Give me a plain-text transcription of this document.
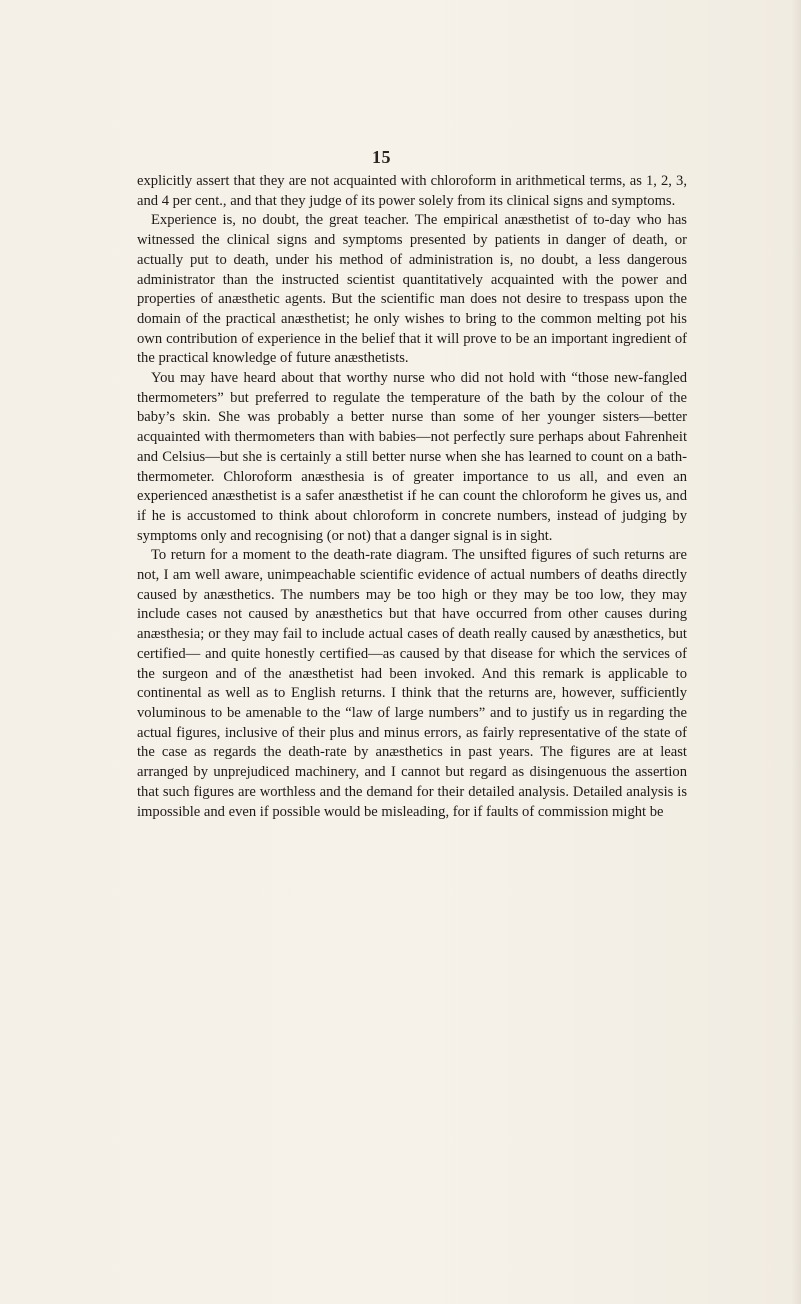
15

explicitly assert that they are not acquainted with chloroform in arithmetical terms, as 1, 2, 3, and 4 per cent., and that they judge of its power solely from its clinical signs and symptoms.

Experience is, no doubt, the great teacher. The empirical anæsthetist of to-day who has witnessed the clinical signs and symptoms presented by patients in danger of death, or actually put to death, under his method of administration is, no doubt, a less dangerous administrator than the instructed scientist quantitatively acquainted with the power and properties of anæsthetic agents. But the scientific man does not desire to trespass upon the domain of the practical anæsthetist; he only wishes to bring to the common melting pot his own contribution of experience in the belief that it will prove to be an important ingredient of the practical knowledge of future anæsthetists.

You may have heard about that worthy nurse who did not hold with “those new-fangled thermometers” but preferred to regulate the temperature of the bath by the colour of the baby’s skin. She was probably a better nurse than some of her younger sisters—better acquainted with thermometers than with babies—not perfectly sure perhaps about Fahrenheit and Celsius—but she is certainly a still better nurse when she has learned to count on a bath-thermometer. Chloroform anæsthesia is of greater importance to us all, and even an experienced anæsthetist is a safer anæsthetist if he can count the chloroform he gives us, and if he is accustomed to think about chloroform in concrete numbers, instead of judging by symptoms only and recognising (or not) that a danger signal is in sight.

To return for a moment to the death-rate diagram. The unsifted figures of such returns are not, I am well aware, unimpeachable scientific evidence of actual numbers of deaths directly caused by anæsthetics. The numbers may be too high or they may be too low, they may include cases not caused by anæsthetics but that have occurred from other causes during anæsthesia; or they may fail to include actual cases of death really caused by anæsthetics, but certified— and quite honestly certified—as caused by that disease for which the services of the surgeon and of the anæsthetist had been invoked. And this remark is applicable to continental as well as to English returns. I think that the returns are, however, sufficiently voluminous to be amenable to the “law of large numbers” and to justify us in regarding the actual figures, inclusive of their plus and minus errors, as fairly representative of the state of the case as regards the death-rate by anæsthetics in past years. The figures are at least arranged by unprejudiced machinery, and I cannot but regard as disingenuous the assertion that such figures are worthless and the demand for their detailed analysis. Detailed analysis is impossible and even if possible would be misleading, for if faults of commission might be
